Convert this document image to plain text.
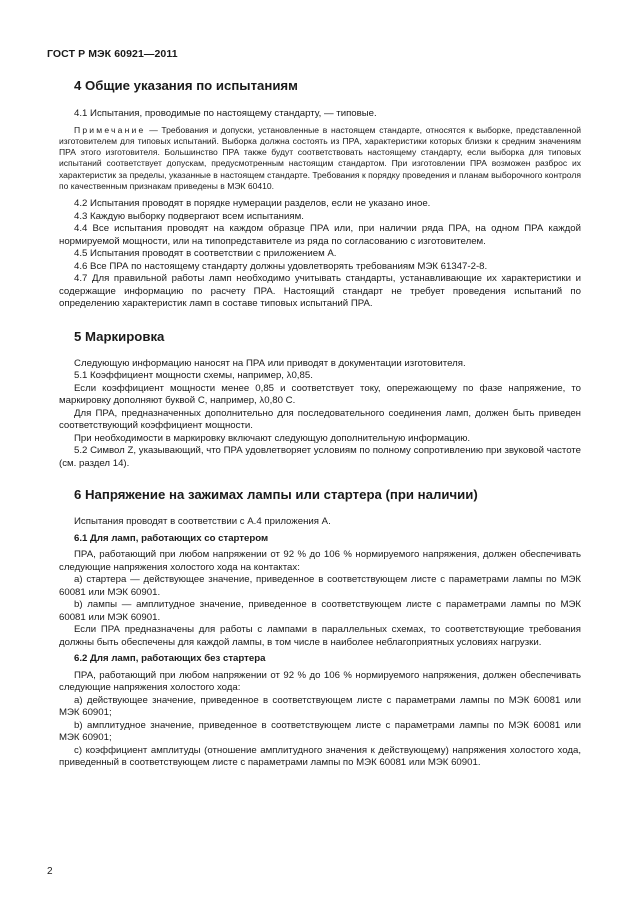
ГОСТ Р МЭК 60921—2011
4 Общие указания по испытаниям

4.1 Испытания, проводимые по настоящему стандарту, — типовые.

Примечание — Требования и допуски, установленные в настоящем стандарте, относятся к выборке, представленной изготовителем для типовых испытаний. Выборка должна состоять из ПРА, характеристики которых близки к средним значениям ПРА этого изготовителя. Большинство ПРА также будут соответствовать настоящему стандарту, если выборка для типовых испытаний соответствует допускам, предусмотренным настоящим стандартом. При изготовлении ПРА возможен разброс их характеристик за пределы, указанные в настоящем стандарте. Требования к порядку проведения и планам выборочного контроля по качественным признакам приведены в МЭК 60410.

4.2 Испытания проводят в порядке нумерации разделов, если не указано иное.

4.3 Каждую выборку подвергают всем испытаниям.

4.4 Все испытания проводят на каждом образце ПРА или, при наличии ряда ПРА, на одном ПРА каждой нормируемой мощности, или на типопредставителе из ряда по согласованию с изготовителем.

4.5 Испытания проводят в соответствии с приложением А.

4.6 Все ПРА по настоящему стандарту должны удовлетворять требованиям МЭК 61347-2-8.

4.7 Для правильной работы ламп необходимо учитывать стандарты, устанавливающие их характеристики и содержащие информацию по расчету ПРА. Настоящий стандарт не требует проведения испытаний по определению характеристик ламп в составе типовых испытаний ПРА.

5 Маркировка

Следующую информацию наносят на ПРА или приводят в документации изготовителя.

5.1 Коэффициент мощности схемы, например, λ0,85.

Если коэффициент мощности менее 0,85 и соответствует току, опережающему по фазе напряжение, то маркировку дополняют буквой С, например, λ0,80 С.

Для ПРА, предназначенных дополнительно для последовательного соединения ламп, должен быть приведен соответствующий коэффициент мощности.

При необходимости в маркировку включают следующую дополнительную информацию.

5.2 Символ Z, указывающий, что ПРА удовлетворяет условиям по полному сопротивлению при звуковой частоте (см. раздел 14).

6 Напряжение на зажимах лампы или стартера (при наличии)

Испытания проводят в соответствии с А.4 приложения А.

6.1 Для ламп, работающих со стартером

ПРА, работающий при любом напряжении от 92 % до 106 % нормируемого напряжения, должен обеспечивать следующие напряжения холостого хода на контактах:

a) стартера — действующее значение, приведенное в соответствующем листе с параметрами лампы по МЭК 60081 или МЭК 60901.

b) лампы — амплитудное значение, приведенное в соответствующем листе с параметрами лампы по МЭК 60081 или МЭК 60901.

Если ПРА предназначены для работы с лампами в параллельных схемах, то соответствующие требования должны быть обеспечены для каждой лампы, в том числе в наиболее неблагоприятных условиях нагрузки.

6.2 Для ламп, работающих без стартера

ПРА, работающий при любом напряжении от 92 % до 106 % нормируемого напряжения, должен обеспечивать следующие напряжения холостого хода:

a) действующее значение, приведенное в соответствующем листе с параметрами лампы по МЭК 60081 или МЭК 60901;

b) амплитудное значение, приведенное в соответствующем листе с параметрами лампы по МЭК 60081 или МЭК 60901;

c) коэффициент амплитуды (отношение амплитудного значения к действующему) напряжения холостого хода, приведенный в соответствующем листе с параметрами лампы по МЭК 60081 или МЭК 60901.

2
